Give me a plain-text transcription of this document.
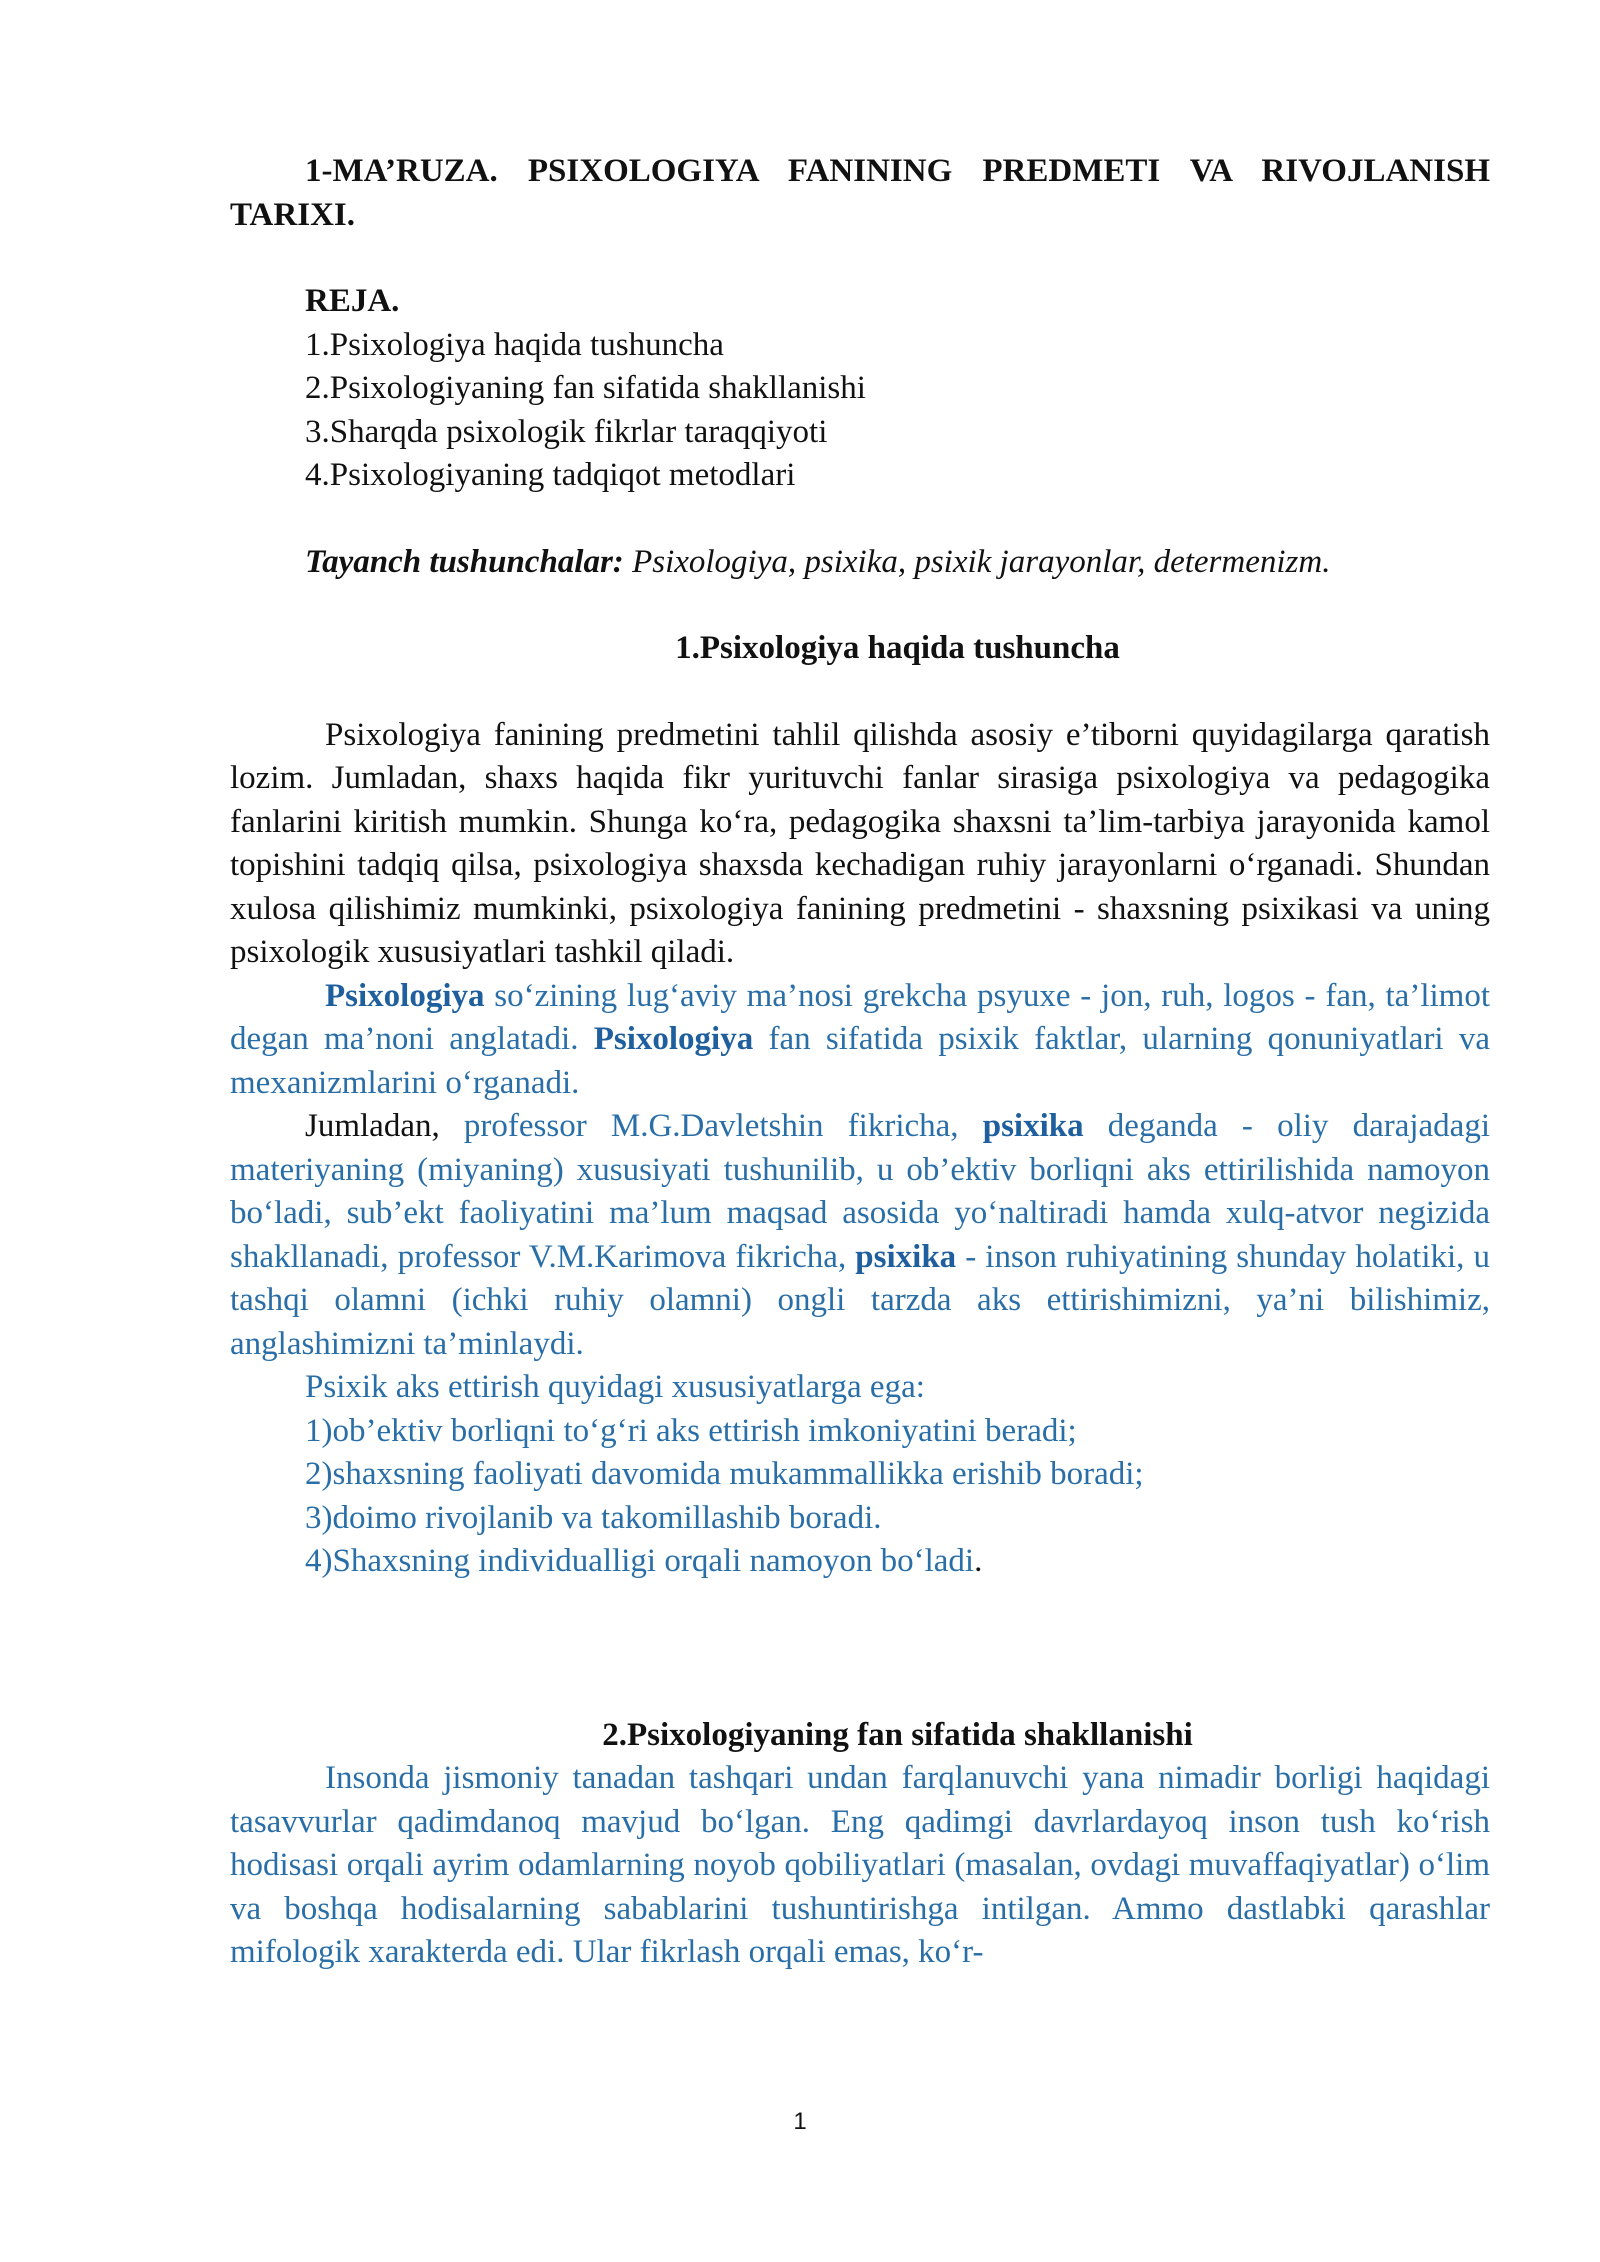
1-MA’RUZA. PSIXOLOGIYA FANINING PREDMETI VA RIVOJLANISH TARIXI.

REJA.
1.Psixologiya haqida tushuncha
2.Psixologiyaning fan sifatida shakllanishi
3.Sharqda psixologik fikrlar taraqqiyoti
4.Psixologiyaning tadqiqot metodlari
Tayanch tushunchalar: Psixologiya, psixika, psixik jarayonlar, determenizm.

1.Psixologiya haqida tushuncha

Psixologiya fanining predmetini tahlil qilishda asosiy e’tiborni quyidagilarga qaratish lozim. Jumladan, shaxs haqida fikr yurituvchi fanlar sirasiga psixologiya va pedagogika fanlarini kiritish mumkin. Shunga ko‘ra, pedagogika shaxsni ta’lim-tarbiya jarayonida kamol topishini tadqiq qilsa, psixologiya shaxsda kechadigan ruhiy jarayonlarni o‘rganadi. Shundan xulosa qilishimiz mumkinki, psixologiya fanining predmetini - shaxsning psixikasi va uning psixologik xususiyatlari tashkil qiladi.

Psixologiya so‘zining lug‘aviy ma’nosi grekcha psyuxe - jon, ruh, logos - fan, ta’limot degan ma’noni anglatadi. Psixologiya fan sifatida psixik faktlar, ularning qonuniyatlari va mexanizmlarini o‘rganadi.

Jumladan, professor M.G.Davletshin fikricha, psixika deganda - oliy darajadagi materiyaning (miyaning) xususiyati tushunilib, u ob’ektiv borliqni aks ettirilishida namoyon bo‘ladi, sub’ekt faoliyatini ma’lum maqsad asosida yo‘naltiradi hamda xulq-atvor negizida shakllanadi, professor V.M.Karimova fikricha, psixika - inson ruhiyatining shunday holatiki, u tashqi olamni (ichki ruhiy olamni) ongli tarzda aks ettirishimizni, ya’ni bilishimiz, anglashimizni ta’minlaydi.

Psixik aks ettirish quyidagi xususiyatlarga ega:
1)ob’ektiv borliqni to‘g‘ri aks ettirish imkoniyatini beradi;
2)shaxsning faoliyati davomida mukammallikka erishib boradi;
3)doimo rivojlanib va takomillashib boradi.
4)Shaxsning individualligi orqali namoyon bo‘ladi.

2.Psixologiyaning fan sifatida shakllanishi

Insonda jismoniy tanadan tashqari undan farqlanuvchi yana nimadir borligi haqidagi tasavvurlar qadimdanoq mavjud bo‘lgan. Eng qadimgi davrlardayoq inson tush ko‘rish hodisasi orqali ayrim odamlarning noyob qobiliyatlari (masalan, ovdagi muvaffaqiyatlar) o‘lim va boshqa hodisalarning sabablarini tushuntirishga intilgan. Ammo dastlabki qarashlar mifologik xarakterda edi. Ular fikrlash orqali emas, ko‘r-

1
